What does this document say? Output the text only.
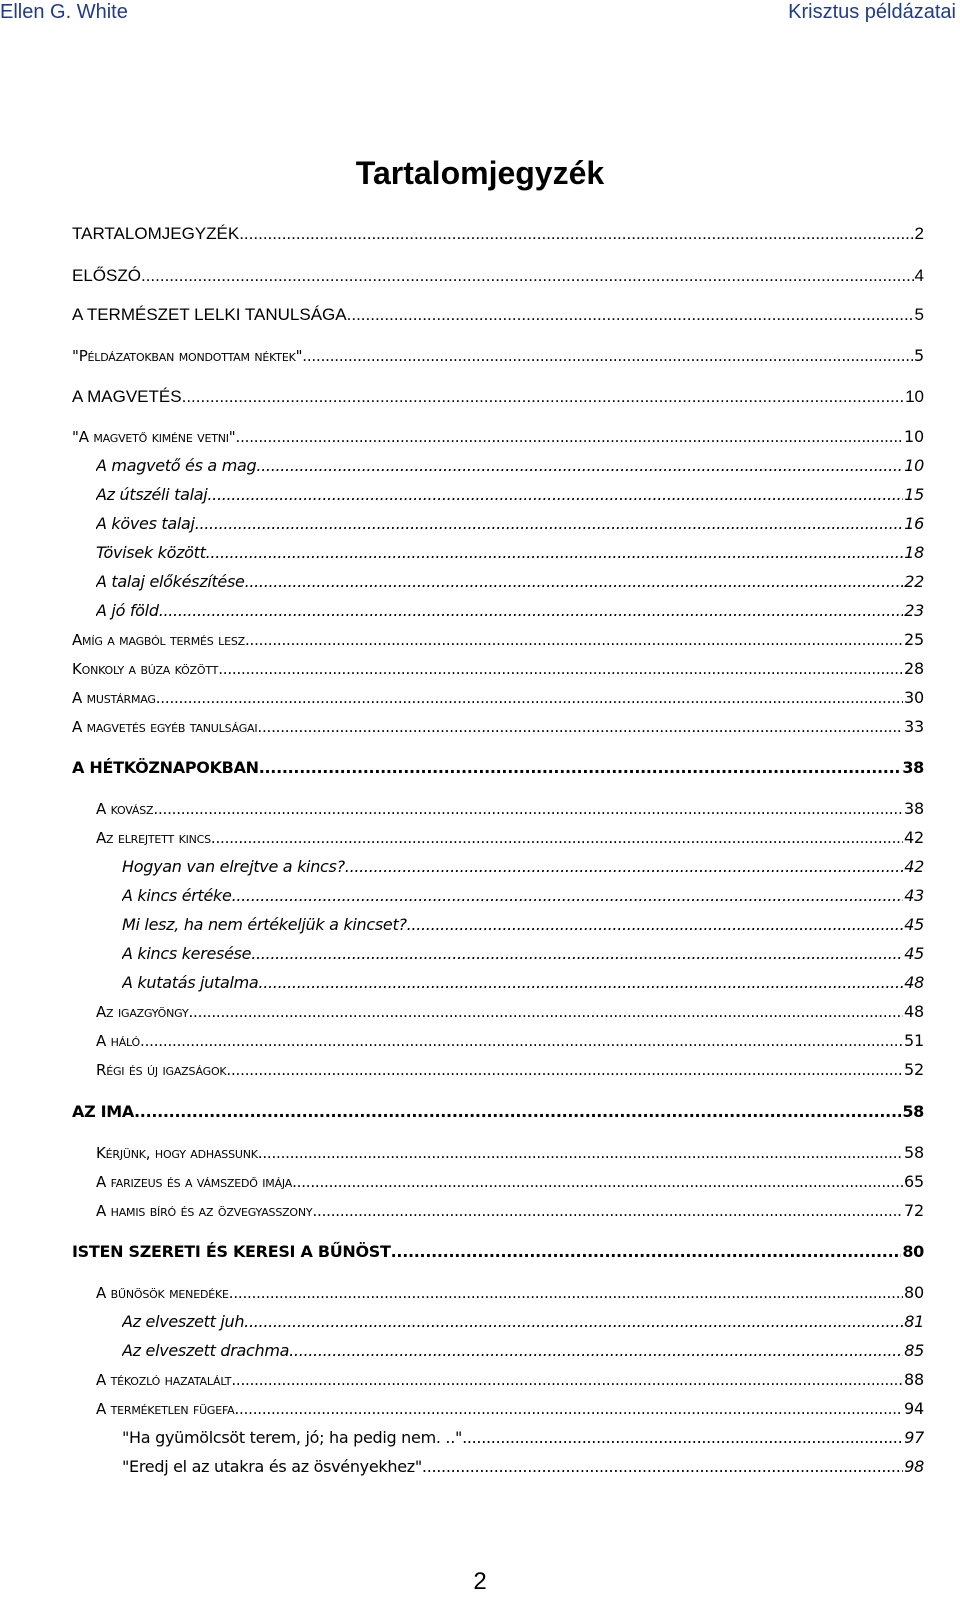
Ellen G. White	Krisztus példázatai
Tartalomjegyzék
TARTALOMJEGYZÉK .....	2
ELŐSZÓ .....	4
A TERMÉSZET LELKI TANULSÁGA .....	5
"Példázatokban mondottam néktek" .....	5
A MAGVETÉS .....	10
"A magvető kiméne vetni" .....	10
A magvető és a mag .....	10
Az útszéli talaj .....	15
A köves talaj .....	16
Tövisek között .....	18
A talaj előkészítése .....	22
A jó föld .....	23
Amíg a magból termés lesz .....	25
Konkoly a búza között .....	28
A mustármag .....	30
A magvetés egyéb tanulságai .....	33
A HÉTKÖZNAPOKBAN .....	38
A kovász .....	38
Az elrejtett kincs .....	42
Hogyan van elrejtve a kincs? .....	42
A kincs értéke .....	43
Mi lesz, ha nem értékeljük a kincset? .....	45
A kincs keresése .....	45
A kutatás jutalma .....	48
Az igazgyöngy .....	48
A háló .....	51
Régi és új igazságok .....	52
AZ IMA .....	58
Kérjünk, hogy adhassunk .....	58
A farizeus és a vámszedő imája .....	65
A hamis bíró és az özvegyasszony .....	72
ISTEN SZERETI ÉS KERESI A BŰNÖST .....	80
A bűnösök menedéke .....	80
Az elveszett juh .....	81
Az elveszett drachma .....	85
A tékozló hazatalált .....	88
A terméketlen fügefa .....	94
"Ha gyümölcsöt terem, jó; ha pedig nem. .." .....	97
"Eredj el az utakra és az ösvényekhez" .....	98
2
